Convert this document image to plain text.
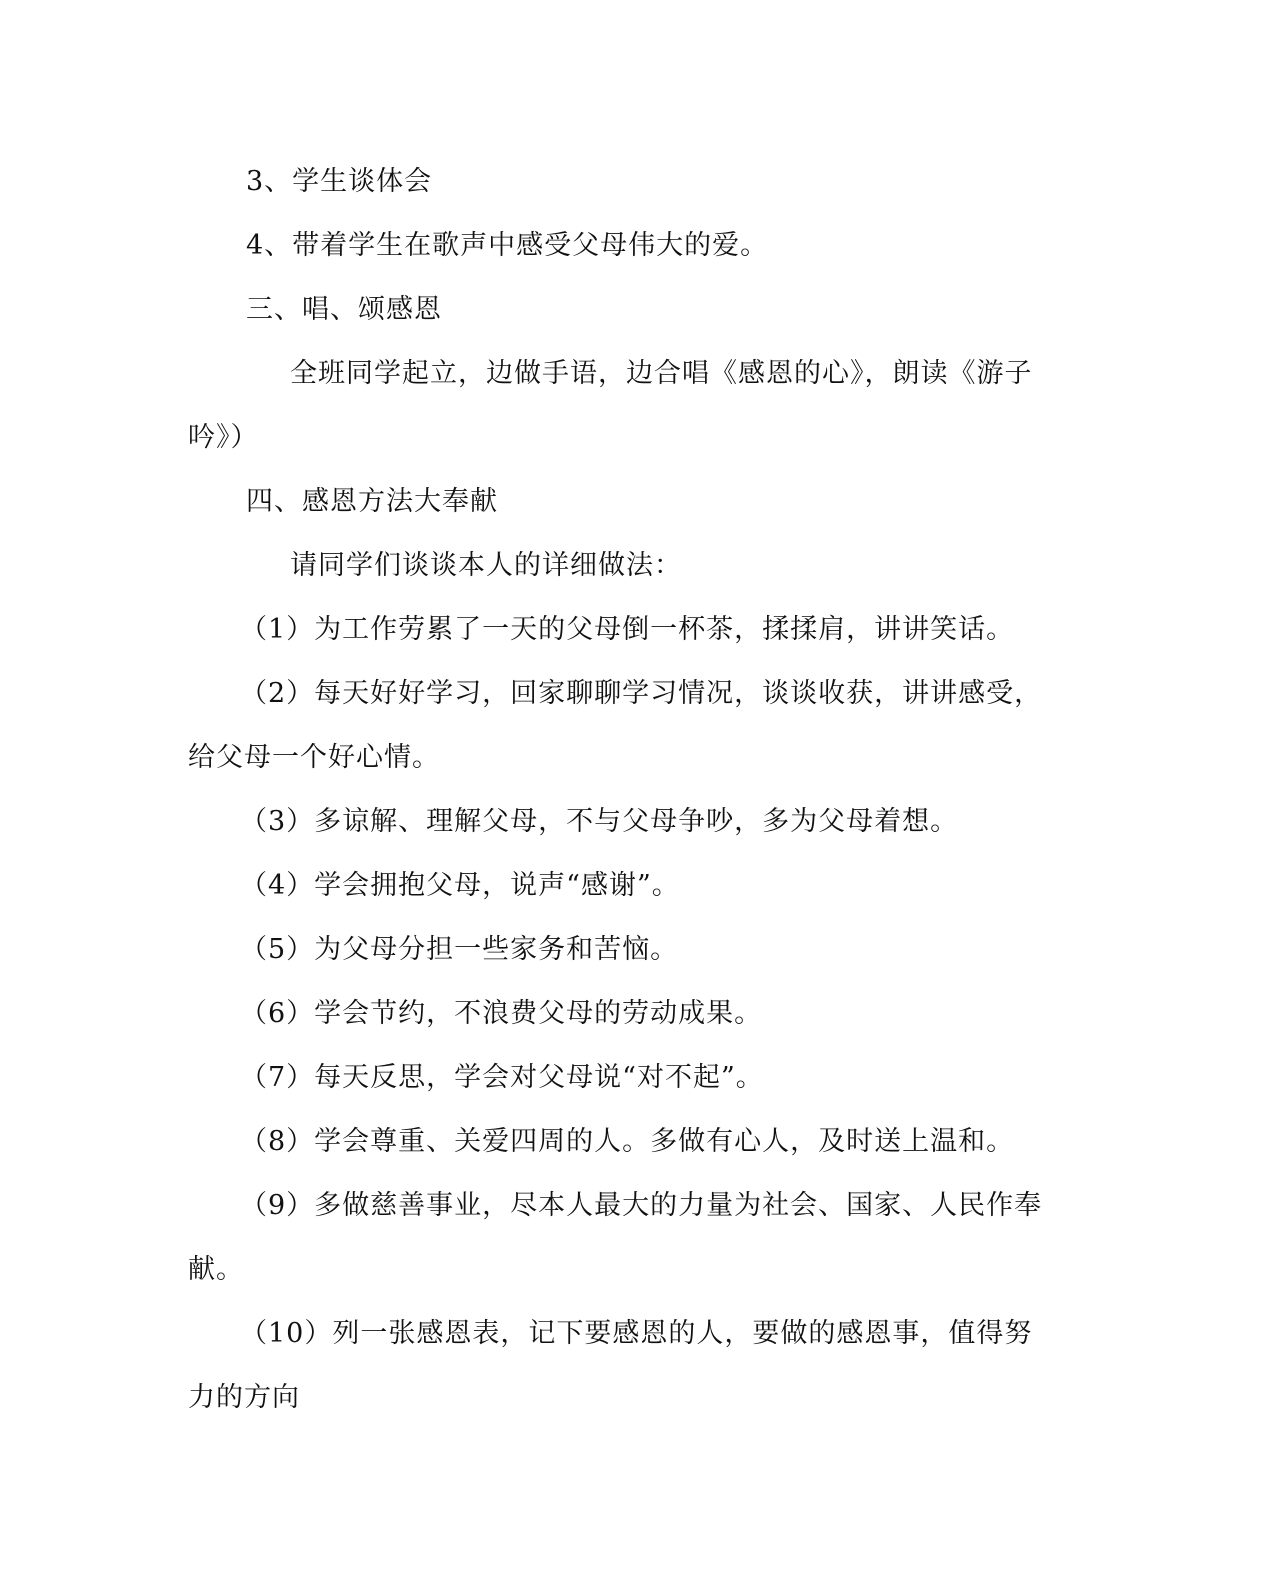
3、学生谈体会
4、带着学生在歌声中感受父母伟大的爱。
三、唱、颂感恩
全班同学起立，边做手语，边合唱《感恩的心》，朗读《游子
吟》）
四、感恩方法大奉献
请同学们谈谈本人的详细做法：
（1）为工作劳累了一天的父母倒一杯茶，揉揉肩，讲讲笑话。
（2）每天好好学习，回家聊聊学习情况，谈谈收获，讲讲感受，
给父母一个好心情。
（3）多谅解、理解父母，不与父母争吵，多为父母着想。
（4）学会拥抱父母，说声“感谢”。
（5）为父母分担一些家务和苦恼。
（6）学会节约，不浪费父母的劳动成果。
（7）每天反思，学会对父母说“对不起”。
（8）学会尊重、关爱四周的人。多做有心人，及时送上温和。
（9）多做慈善事业，尽本人最大的力量为社会、国家、人民作奉
献。
（10）列一张感恩表，记下要感恩的人，要做的感恩事，值得努
力的方向
